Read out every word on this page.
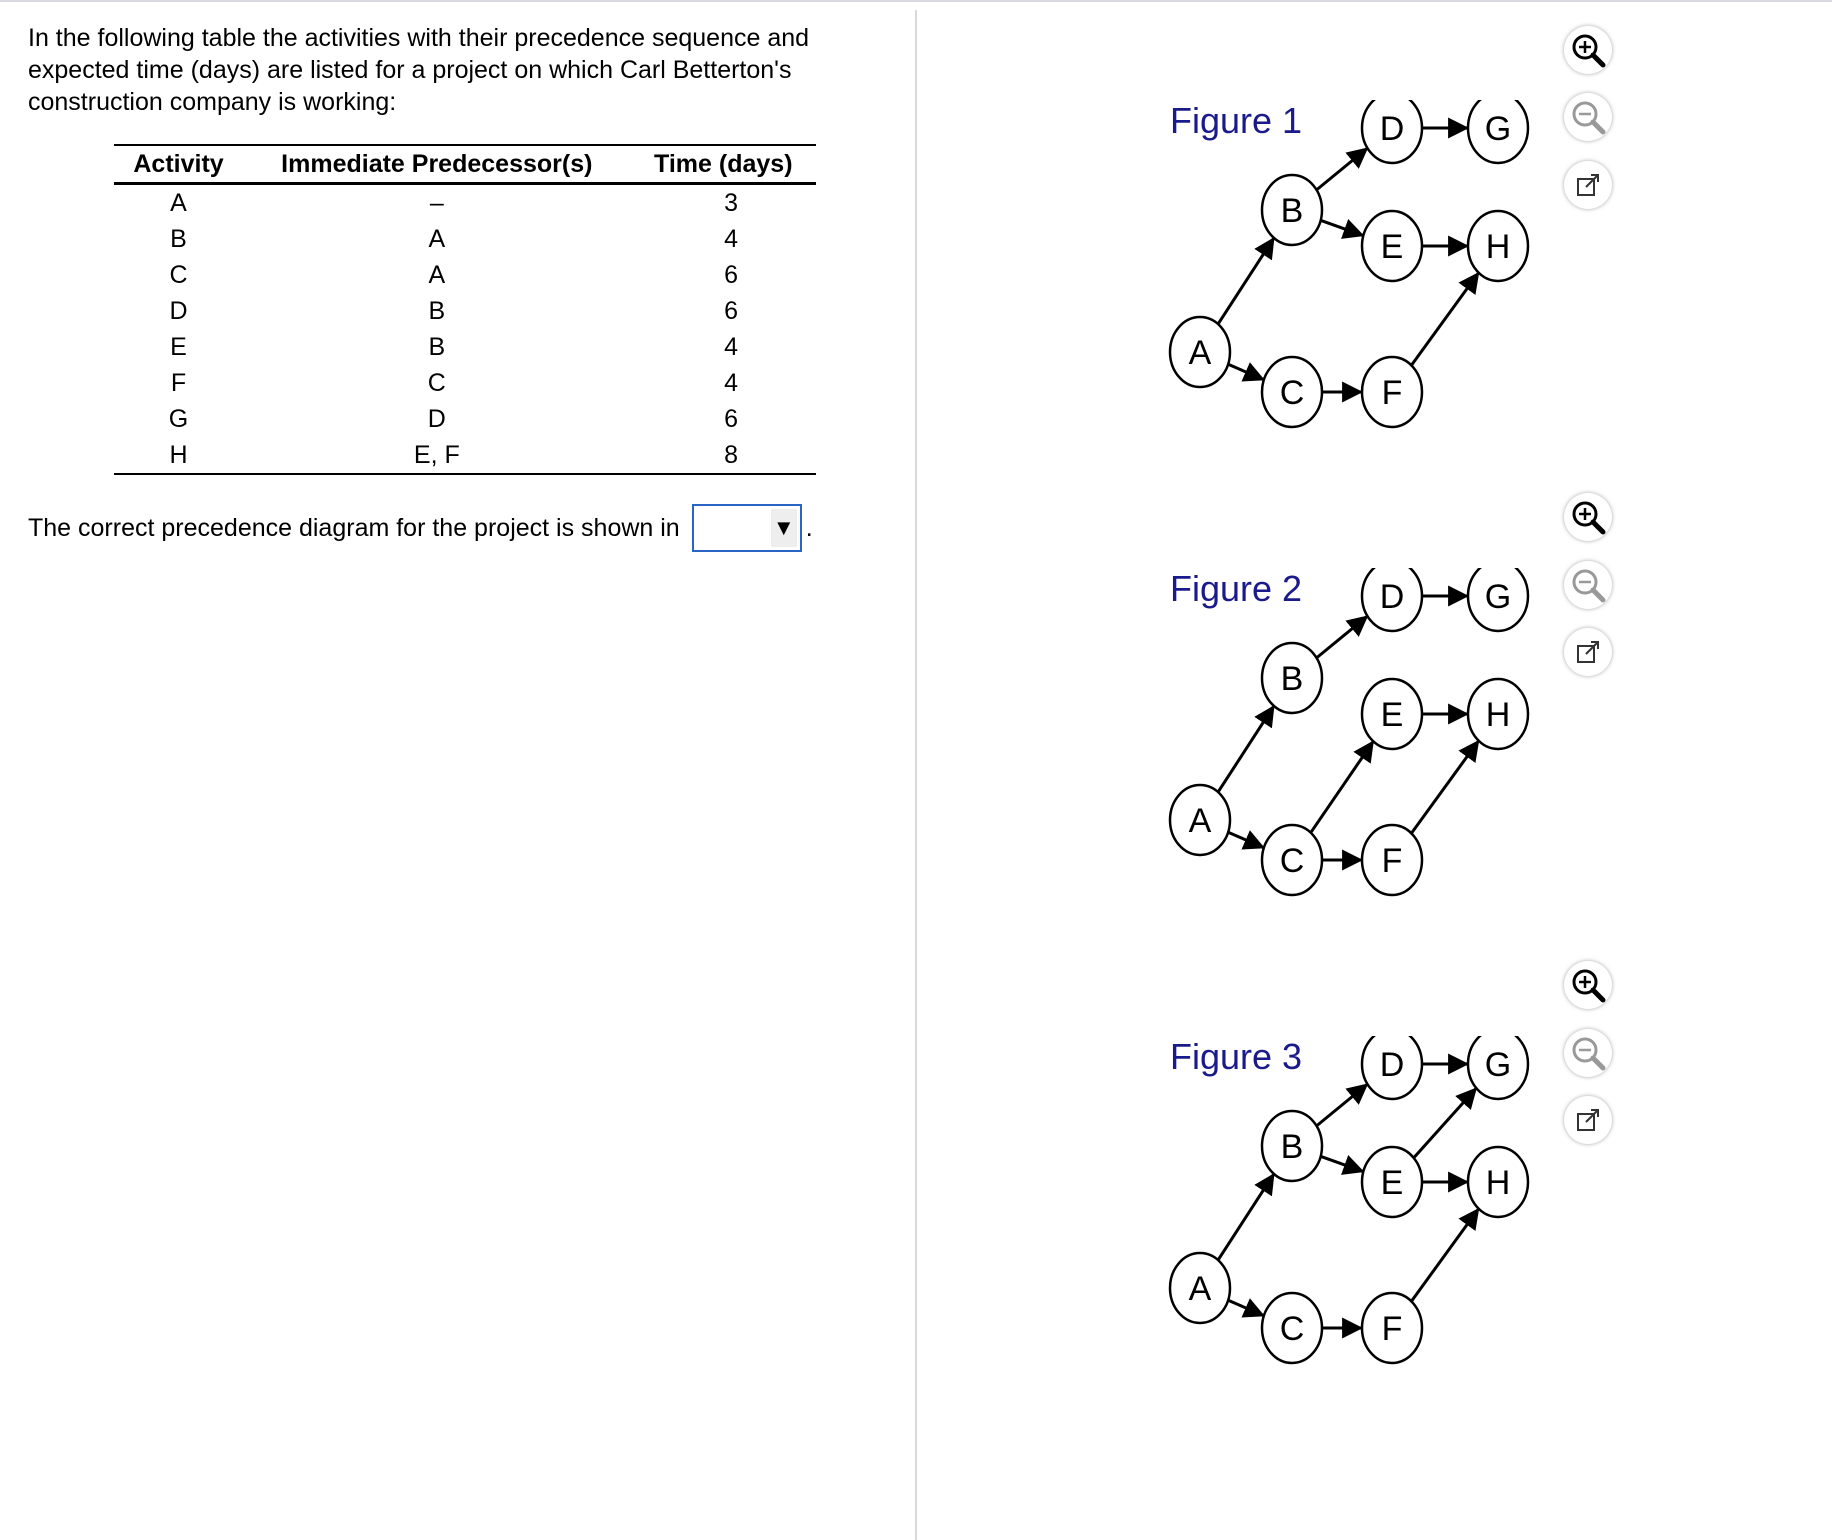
In the following table the activities with their precedence sequence and expected time (days) are listed for a project on which Carl Betterton's construction company is working:
Activity	Immediate Predecessor(s)	Time (days)
A	–	3
B	A	4
C	A	6
D	B	6
E	B	4
F	C	4
G	D	6
H	E, F	8
The correct precedence diagram for the project is shown in	▼ .
A
B
C
D
E
F
G
H
Figure 1
A
B
C
D
E
F
G
H
Figure 2
A
B
C
D
E
F
G
H
Figure 3
